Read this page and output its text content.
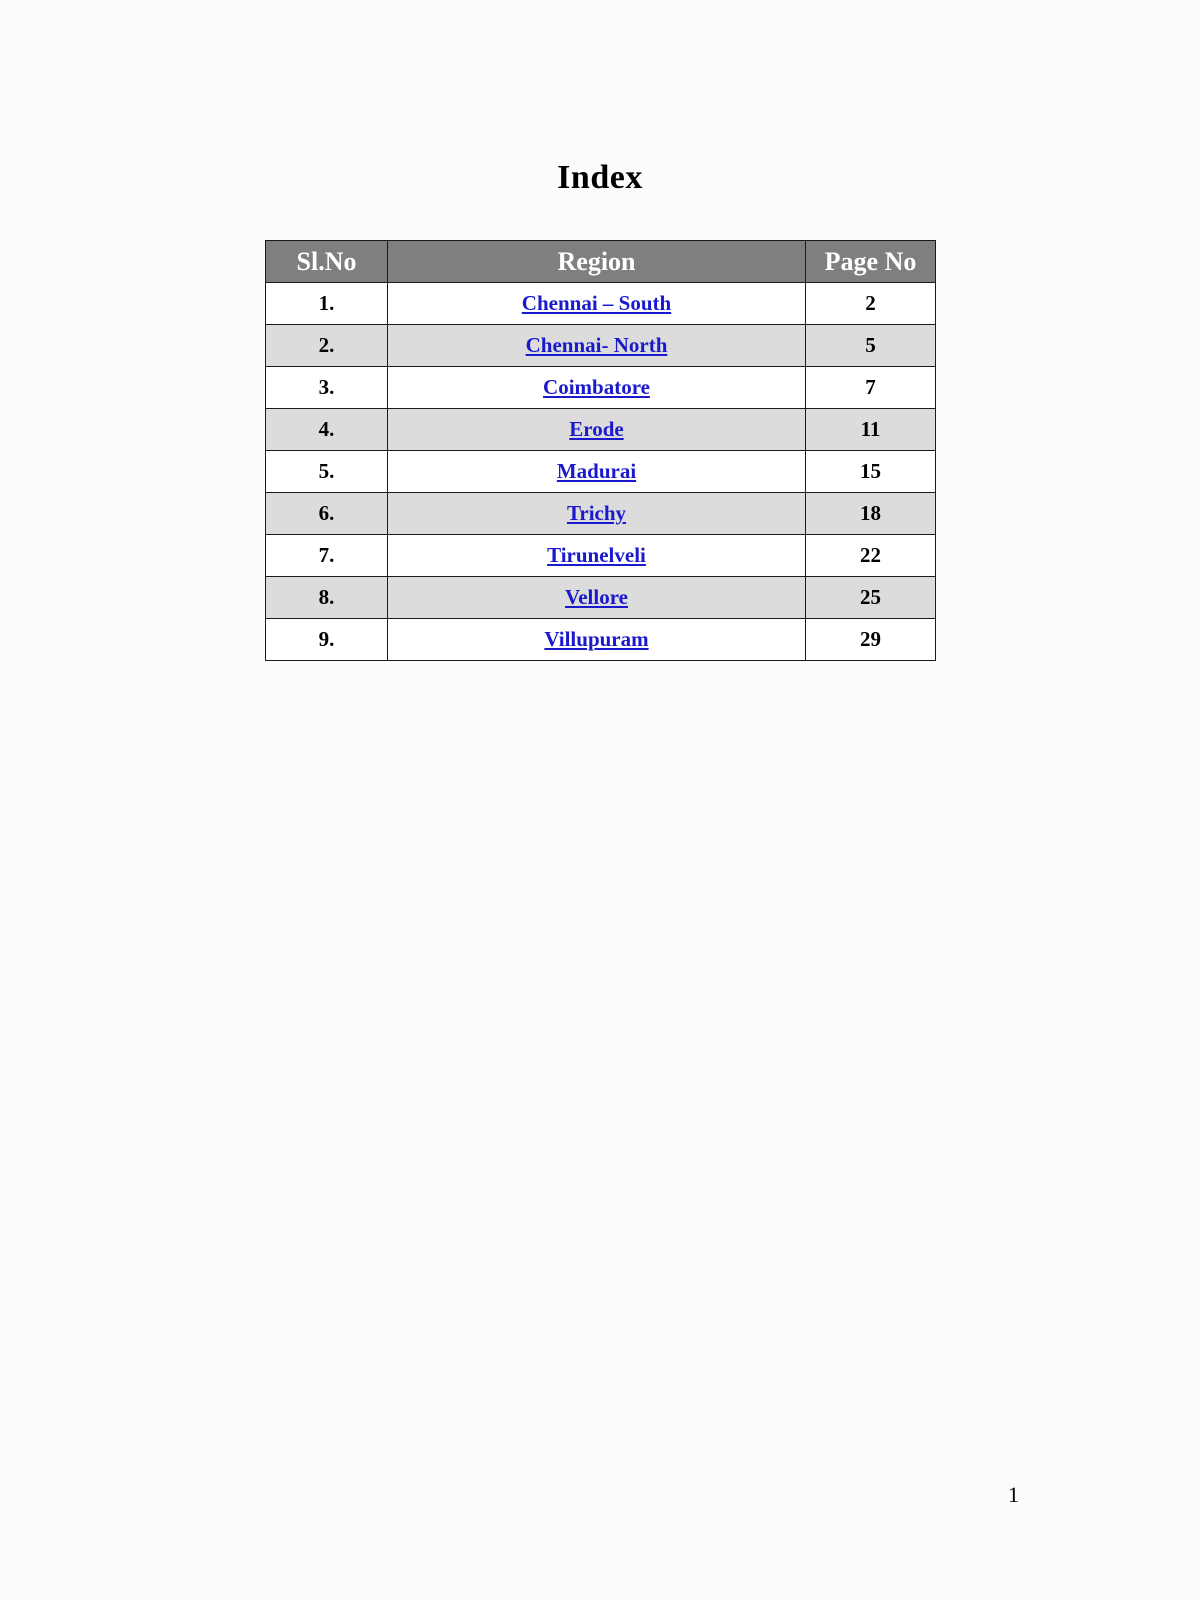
Index
Sl.No	Region	Page No
1.	Chennai – South	2
2.	Chennai- North	5
3.	Coimbatore	7
4.	Erode	11
5.	Madurai	15
6.	Trichy	18
7.	Tirunelveli	22
8.	Vellore	25
9.	Villupuram	29
1
